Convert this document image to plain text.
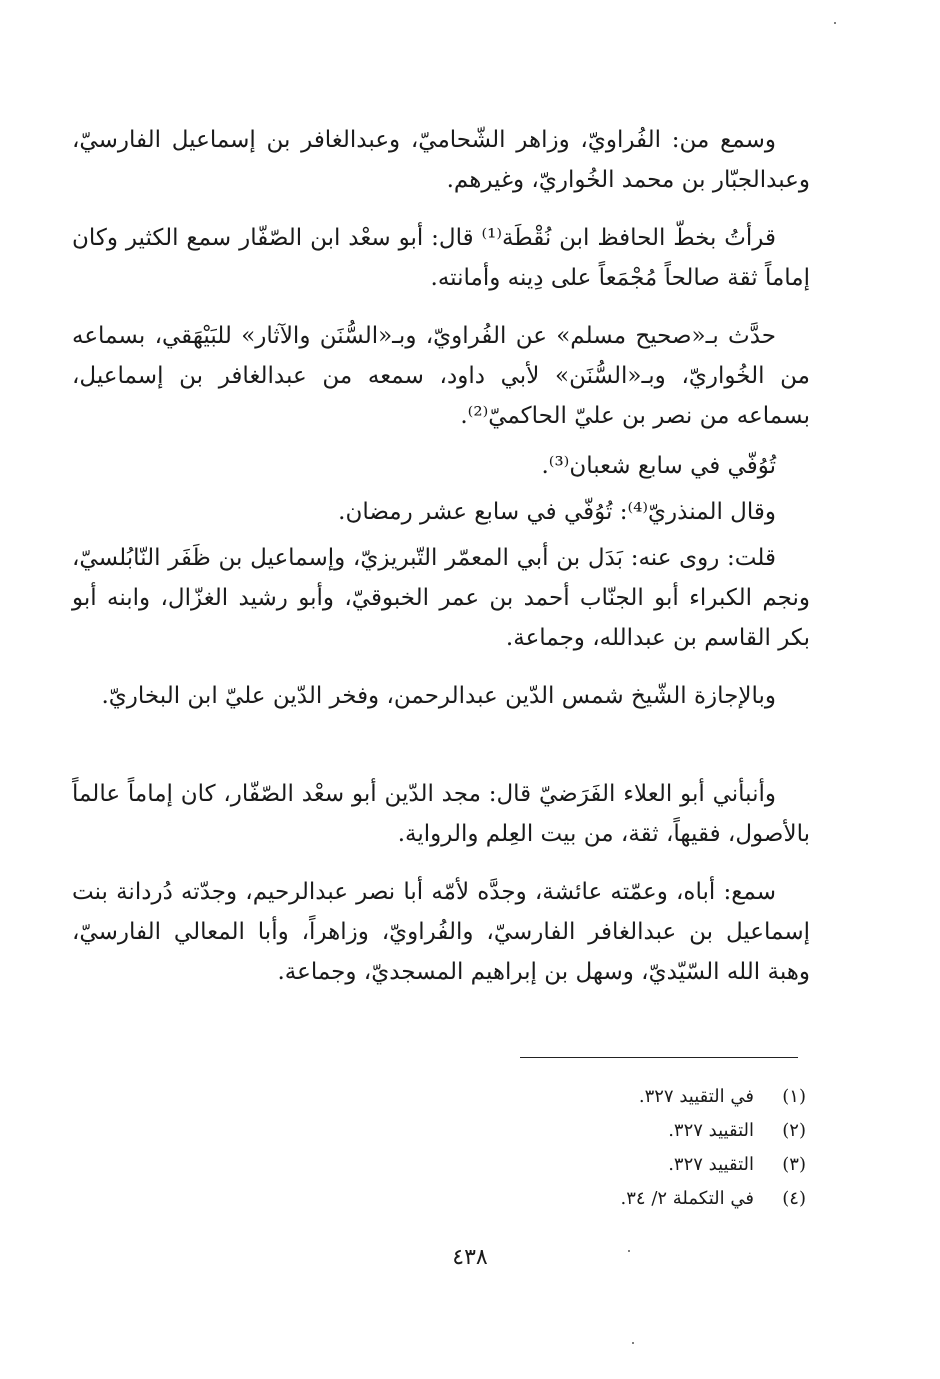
وسمع من: الفُراويّ، وزاهر الشّحاميّ، وعبدالغافر بن إسماعيل الفارسيّ، وعبدالجبّار بن محمد الخُواريّ، وغيرهم.

قرأتُ بخطّ الحافظ ابن نُقْطَة⁽¹⁾ قال: أبو سعْد ابن الصّفّار سمع الكثير وكان إماماً ثقة صالحاً مُجْمَعاً على دِينه وأمانته.

حدَّث بـ«صحيح مسلم» عن الفُراويّ، وبـ«السُّنَن والآثار» للبَيْهَقي، بسماعه من الخُواريّ، وبـ«السُّنَن» لأبي داود، سمعه من عبدالغافر بن إسماعيل، بسماعه من نصر بن عليّ الحاكميّ⁽²⁾.

تُوُفّي في سابع شعبان⁽³⁾.

وقال المنذريّ⁽⁴⁾: تُوُفّي في سابع عشر رمضان.

قلت: روى عنه: بَدَل بن أبي المعمّر التّبريزيّ، وإسماعيل بن ظَفَر النّابُلسيّ، ونجم الكبراء أبو الجنّاب أحمد بن عمر الخبوقيّ، وأبو رشيد الغزّال، وابنه أبو بكر القاسم بن عبدالله، وجماعة.

وبالإجازة الشّيخ شمس الدّين عبدالرحمن، وفخر الدّين عليّ ابن البخاريّ.

وأنبأني أبو العلاء الفَرَضيّ قال: مجد الدّين أبو سعْد الصّفّار، كان إماماً عالماً بالأصول، فقيهاً، ثقة، من بيت العِلم والرواية.

سمع: أباه، وعمّته عائشة، وجدَّه لأمّه أبا نصر عبدالرحيم، وجدّته دُردانة بنت إسماعيل بن عبدالغافر الفارسيّ، والفُراويّ، وزاهراً، وأبا المعالي الفارسيّ، وهبة الله السّيّديّ، وسهل بن إبراهيم المسجديّ، وجماعة.

(١)
في التقييد ٣٢٧.
(٢)
التقييد ٣٢٧.
(٣)
التقييد ٣٢٧.
(٤)
في التكملة ٢/ ٣٤.
٤٣٨
